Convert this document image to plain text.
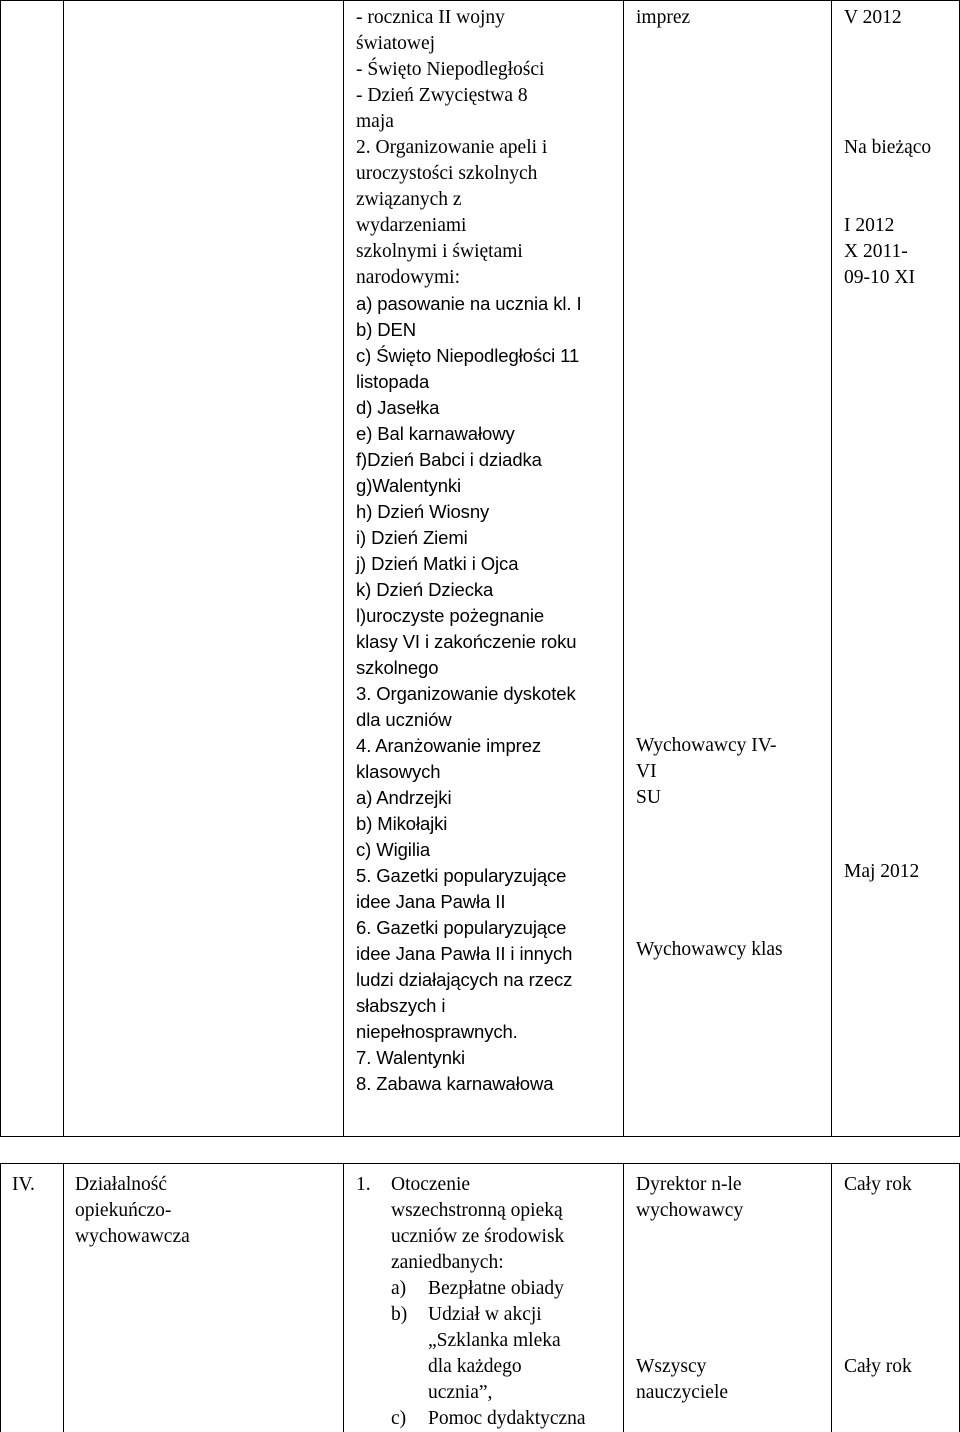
- rocznica II wojny
światowej
- Święto Niepodległości
- Dzień Zwycięstwa 8
maja
2. Organizowanie apeli i
uroczystości szkolnych
związanych z
wydarzeniami
szkolnymi i świętami
narodowymi:
a) pasowanie na ucznia kl. I
b) DEN
c) Święto Niepodległości 11
listopada
d) Jasełka
e) Bal karnawałowy
f)Dzień Babci i dziadka
g)Walentynki
h) Dzień Wiosny
i) Dzień Ziemi
j) Dzień Matki i Ojca
k) Dzień Dziecka
l)uroczyste pożegnanie
klasy VI i zakończenie roku
szkolnego
3. Organizowanie dyskotek
dla uczniów
4. Aranżowanie imprez
klasowych
a) Andrzejki
b) Mikołajki
c) Wigilia
5. Gazetki popularyzujące
idee Jana Pawła II
6. Gazetki popularyzujące
idee Jana Pawła II i innych
ludzi działających na rzecz
słabszych i
niepełnosprawnych.
7. Walentynki
8. Zabawa karnawałowa
imprez
Wychowawcy IV-
VI
SU
Wychowawcy klas
V 2012
Na bieżąco
I 2012
X 2011-
09-10 XI
Maj 2012
IV. Działalność
opiekuńczo-
wychowawcza
1. Otoczenie
wszechstronną opieką
uczniów ze środowisk
zaniedbanych:
a) Bezpłatne obiady
b) Udział w akcji
„Szklanka mleka
dla każdego
ucznia”,
c) Pomoc dydaktyczna
Dyrektor n-le
wychowawcy
Wszyscy
nauczyciele
Cały rok
Cały rok
